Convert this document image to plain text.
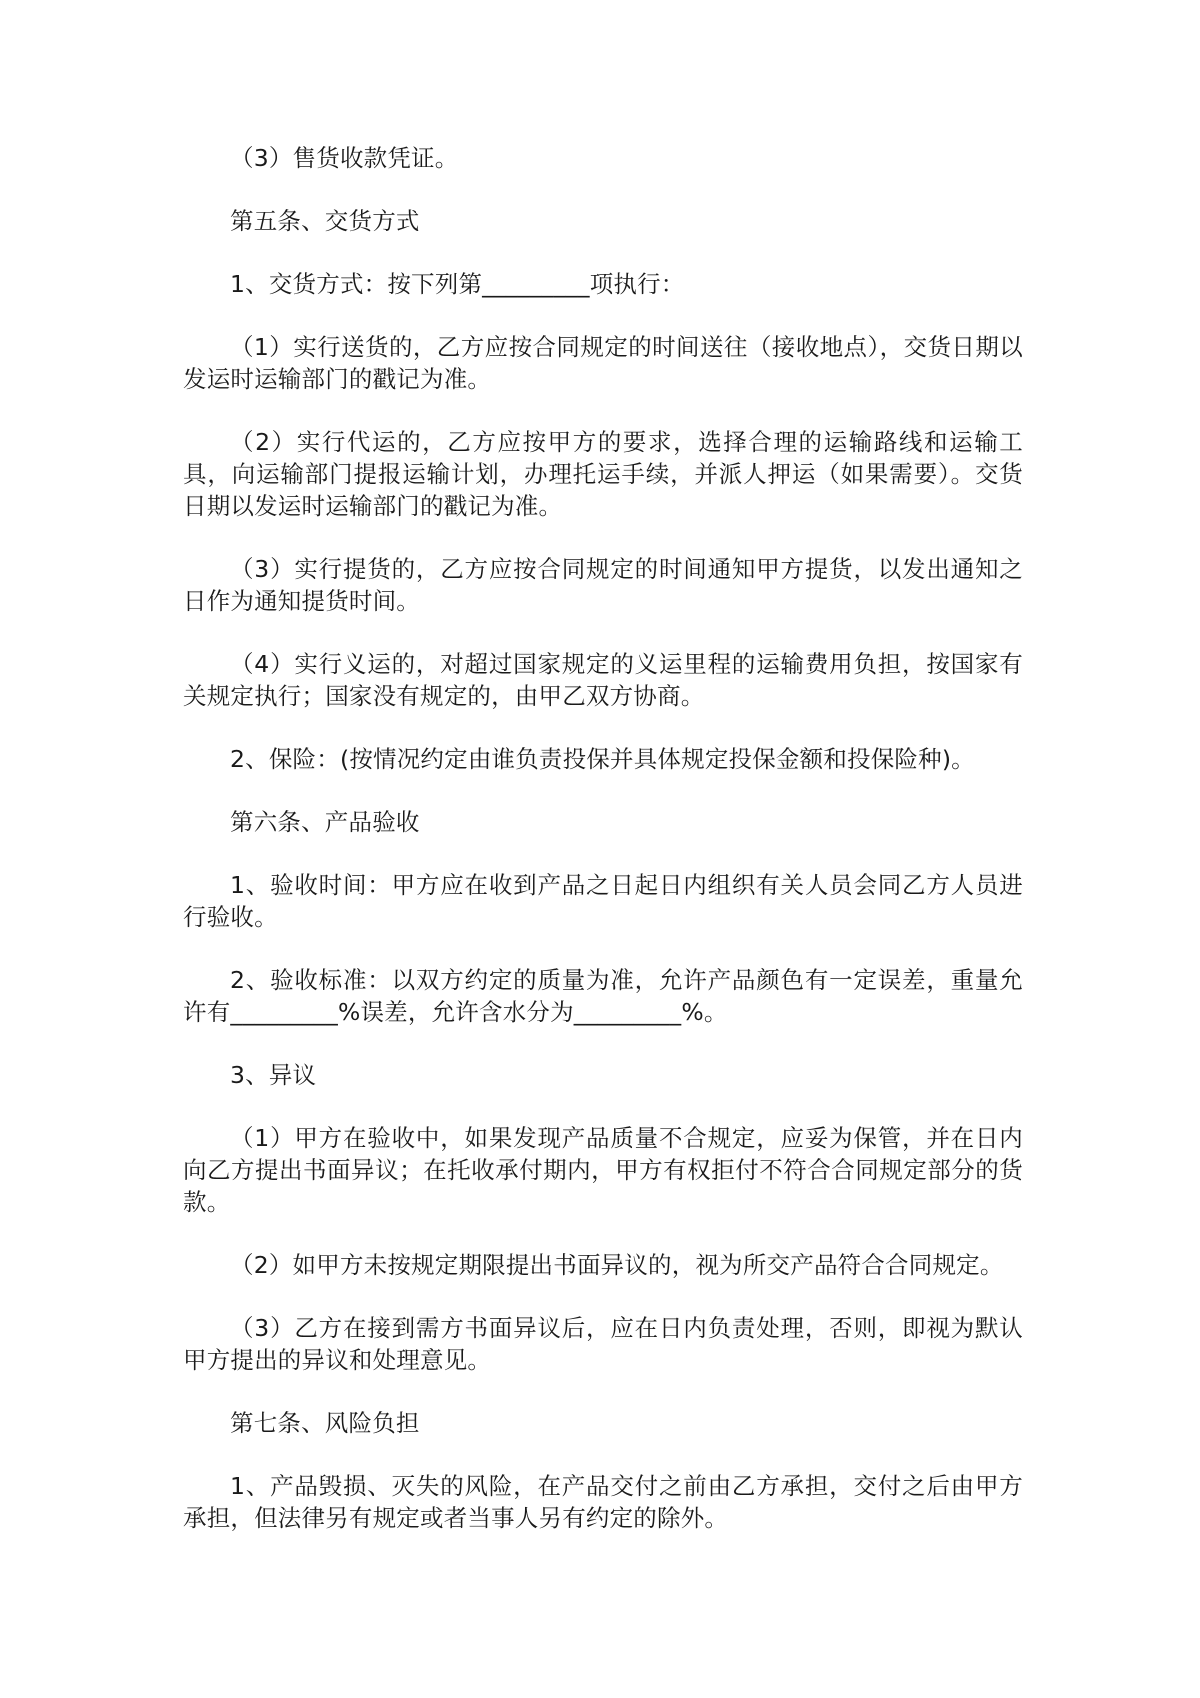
（3）售货收款凭证。

第五条、交货方式

1、交货方式：按下列第_________项执行：

（1）实行送货的，乙方应按合同规定的时间送往（接收地点），交货日期以发运时运输部门的戳记为准。

（2）实行代运的，乙方应按甲方的要求，选择合理的运输路线和运输工具，向运输部门提报运输计划，办理托运手续，并派人押运（如果需要）。交货日期以发运时运输部门的戳记为准。

（3）实行提货的，乙方应按合同规定的时间通知甲方提货，以发出通知之日作为通知提货时间。

（4）实行义运的，对超过国家规定的义运里程的运输费用负担，按国家有关规定执行；国家没有规定的，由甲乙双方协商。

2、保险：(按情况约定由谁负责投保并具体规定投保金额和投保险种)。

第六条、产品验收

1、验收时间：甲方应在收到产品之日起日内组织有关人员会同乙方人员进行验收。

2、验收标准：以双方约定的质量为准，允许产品颜色有一定误差，重量允许有_________%误差，允许含水分为_________%。

3、异议

（1）甲方在验收中，如果发现产品质量不合规定，应妥为保管，并在日内向乙方提出书面异议；在托收承付期内，甲方有权拒付不符合合同规定部分的货款。

（2）如甲方未按规定期限提出书面异议的，视为所交产品符合合同规定。

（3）乙方在接到需方书面异议后，应在日内负责处理，否则，即视为默认甲方提出的异议和处理意见。

第七条、风险负担

1、产品毁损、灭失的风险，在产品交付之前由乙方承担，交付之后由甲方承担，但法律另有规定或者当事人另有约定的除外。
